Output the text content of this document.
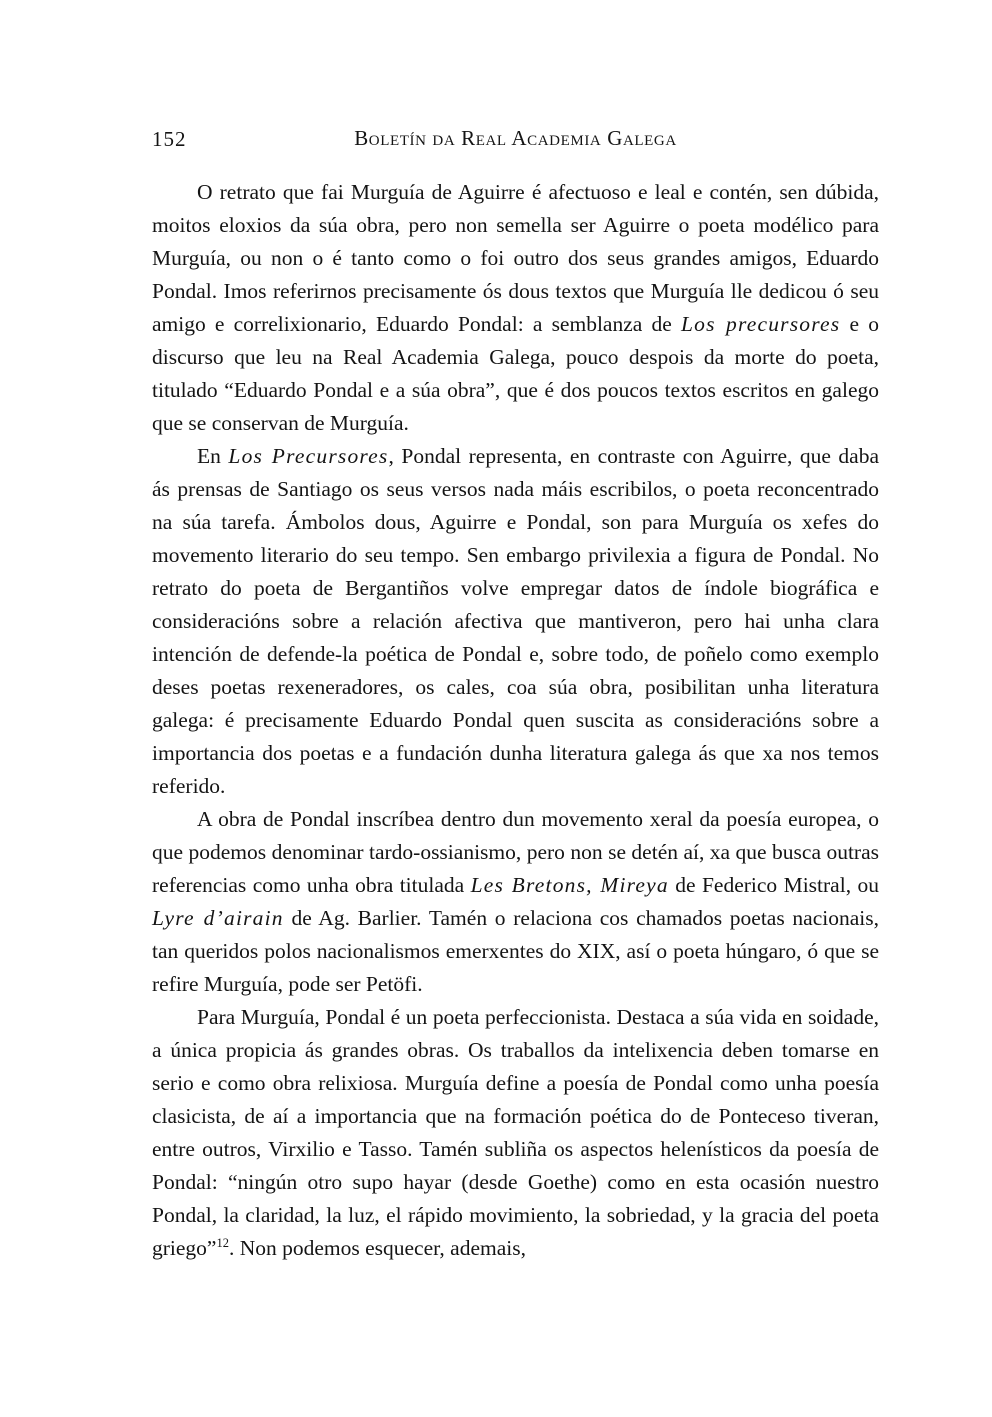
152	Boletín da Real Academia Galega

O retrato que fai Murguía de Aguirre é afectuoso e leal e contén, sen dúbida, moitos eloxios da súa obra, pero non semella ser Aguirre o poeta modélico para Murguía, ou non o é tanto como o foi outro dos seus grandes amigos, Eduardo Pondal. Imos referirnos precisamente ós dous textos que Murguía lle dedicou ó seu amigo e correlixionario, Eduardo Pondal: a semblanza de Los precursores e o discurso que leu na Real Academia Galega, pouco despois da morte do poeta, titulado “Eduardo Pondal e a súa obra”, que é dos poucos textos escritos en galego que se conservan de Murguía.

En Los Precursores, Pondal representa, en contraste con Aguirre, que daba ás prensas de Santiago os seus versos nada máis escribilos, o poeta reconcentrado na súa tarefa. Ámbolos dous, Aguirre e Pondal, son para Murguía os xefes do movemento literario do seu tempo. Sen embargo privilexia a figura de Pondal. No retrato do poeta de Bergantiños volve empregar datos de índole biográfica e consideracións sobre a relación afectiva que mantiveron, pero hai unha clara intención de defende-la poética de Pondal e, sobre todo, de poñelo como exemplo deses poetas rexeneradores, os cales, coa súa obra, posibilitan unha literatura galega: é precisamente Eduardo Pondal quen suscita as consideracións sobre a importancia dos poetas e a fundación dunha literatura galega ás que xa nos temos referido.

A obra de Pondal inscríbea dentro dun movemento xeral da poesía europea, o que podemos denominar tardo-ossianismo, pero non se detén aí, xa que busca outras referencias como unha obra titulada Les Bretons, Mireya de Federico Mistral, ou Lyre d’airain de Ag. Barlier. Tamén o relaciona cos chamados poetas nacionais, tan queridos polos nacionalismos emerxentes do XIX, así o poeta húngaro, ó que se refire Murguía, pode ser Petöfi.

Para Murguía, Pondal é un poeta perfeccionista. Destaca a súa vida en soidade, a única propicia ás grandes obras. Os traballos da intelixencia deben tomarse en serio e como obra relixiosa. Murguía define a poesía de Pondal como unha poesía clasicista, de aí a importancia que na formación poética do de Ponteceso tiveran, entre outros, Virxilio e Tasso. Tamén subliña os aspectos helenísticos da poesía de Pondal: “ningún otro supo hayar (desde Goethe) como en esta ocasión nuestro Pondal, la claridad, la luz, el rápido movimiento, la sobriedad, y la gracia del poeta griego”$^{12}$. Non podemos esquecer, ademais,
